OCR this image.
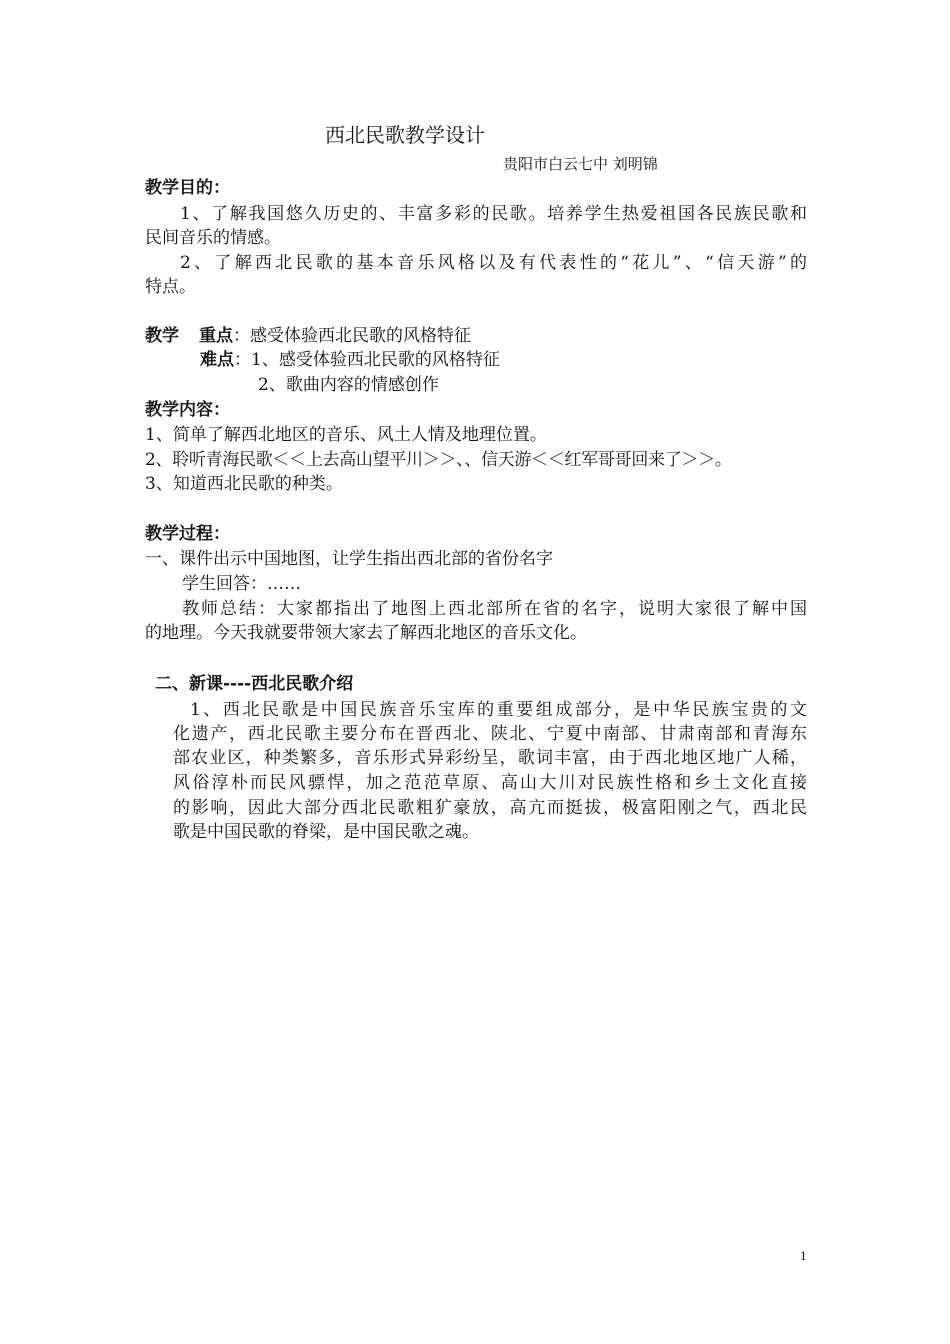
西北民歌教学设计
贵阳市白云七中 刘明锦
教学目的：
1、了解我国悠久历史的、丰富多彩的民歌。培养学生热爱祖国各民族民歌和
民间音乐的情感。
2、了解西北民歌的基本音乐风格以及有代表性的“花儿”、“信天游”的
特点。
教学 重点：感受体验西北民歌的风格特征
难点：1、感受体验西北民歌的风格特征
2、歌曲内容的情感创作
教学内容：
1、简单了解西北地区的音乐、风土人情及地理位置。
2、聆听青海民歌＜＜上去高山望平川＞＞、、信天游＜＜红军哥哥回来了＞＞。
3、知道西北民歌的种类。
教学过程：
一、课件出示中国地图，让学生指出西北部的省份名字
学生回答：……
教师总结：大家都指出了地图上西北部所在省的名字，说明大家很了解中国
的地理。今天我就要带领大家去了解西北地区的音乐文化。
二、新课----西北民歌介绍
1、西北民歌是中国民族音乐宝库的重要组成部分，是中华民族宝贵的文
化遗产，西北民歌主要分布在晋西北、陕北、宁夏中南部、甘肃南部和青海东
部农业区，种类繁多，音乐形式异彩纷呈，歌词丰富，由于西北地区地广人稀，
风俗淳朴而民风骠悍，加之范范草原、高山大川对民族性格和乡土文化直接
的影响，因此大部分西北民歌粗犷豪放，高亢而挺拔，极富阳刚之气，西北民
歌是中国民歌的脊梁，是中国民歌之魂。
1
